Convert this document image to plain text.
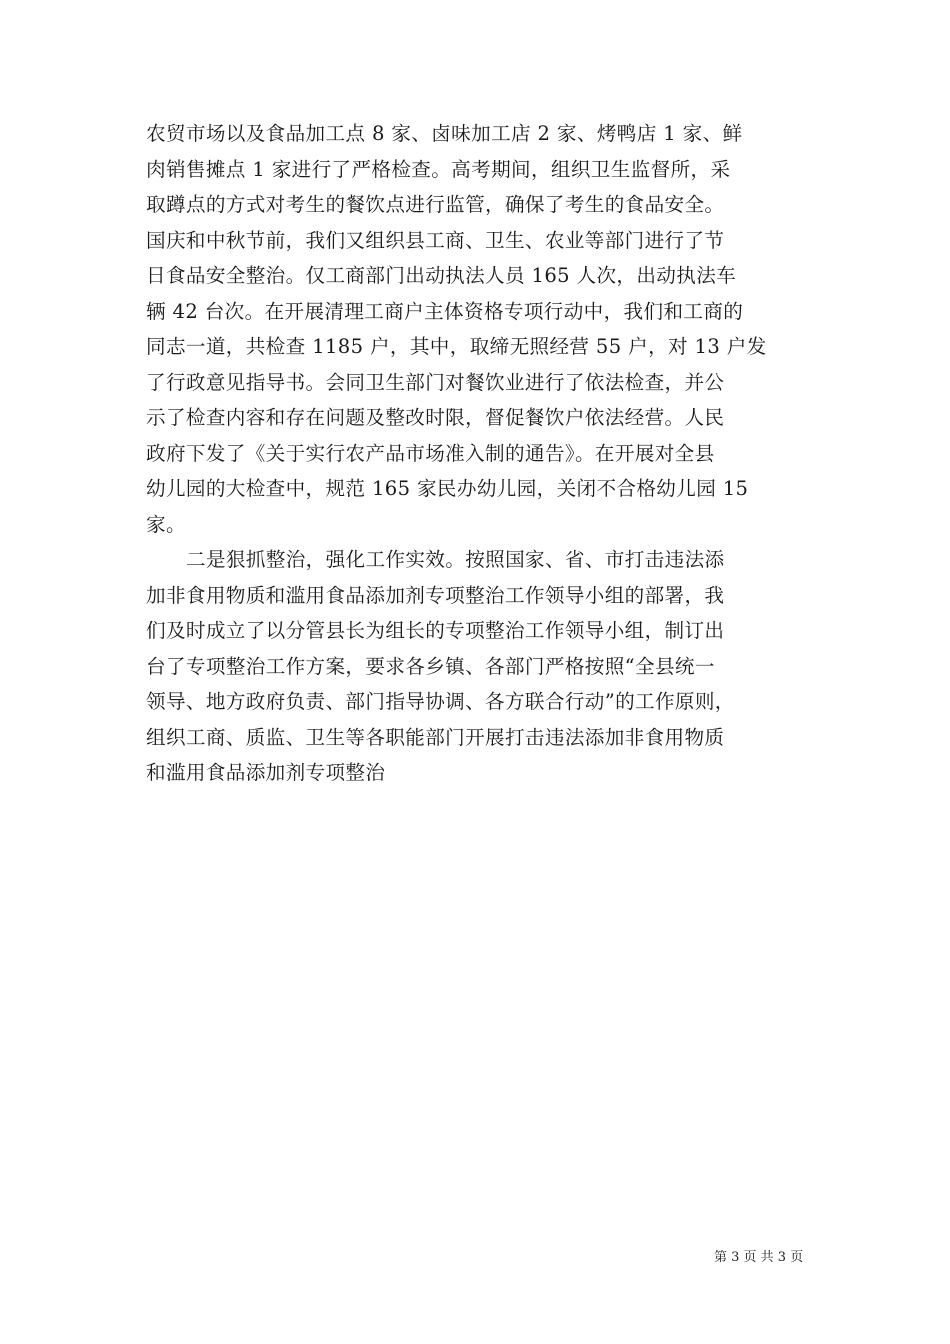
农贸市场以及食品加工点 8 家、卤味加工店 2 家、烤鸭店 1 家、鲜
肉销售摊点 1 家进行了严格检查。高考期间，组织卫生监督所，采
取蹲点的方式对考生的餐饮点进行监管，确保了考生的食品安全。
国庆和中秋节前，我们又组织县工商、卫生、农业等部门进行了节
日食品安全整治。仅工商部门出动执法人员 165 人次，出动执法车
辆 42 台次。在开展清理工商户主体资格专项行动中，我们和工商的
同志一道，共检查 1185 户，其中，取缔无照经营 55 户，对 13 户发
了行政意见指导书。会同卫生部门对餐饮业进行了依法检查，并公
示了检查内容和存在问题及整改时限，督促餐饮户依法经营。人民
政府下发了《关于实行农产品市场准入制的通告》。在开展对全县
幼儿园的大检查中，规范 165 家民办幼儿园，关闭不合格幼儿园 15
家。
二是狠抓整治，强化工作实效。按照国家、省、市打击违法添
加非食用物质和滥用食品添加剂专项整治工作领导小组的部署，我
们及时成立了以分管县长为组长的专项整治工作领导小组，制订出
台了专项整治工作方案，要求各乡镇、各部门严格按照“全县统一
领导、地方政府负责、部门指导协调、各方联合行动”的工作原则，
组织工商、质监、卫生等各职能部门开展打击违法添加非食用物质
和滥用食品添加剂专项整治
第 3 页 共 3 页
